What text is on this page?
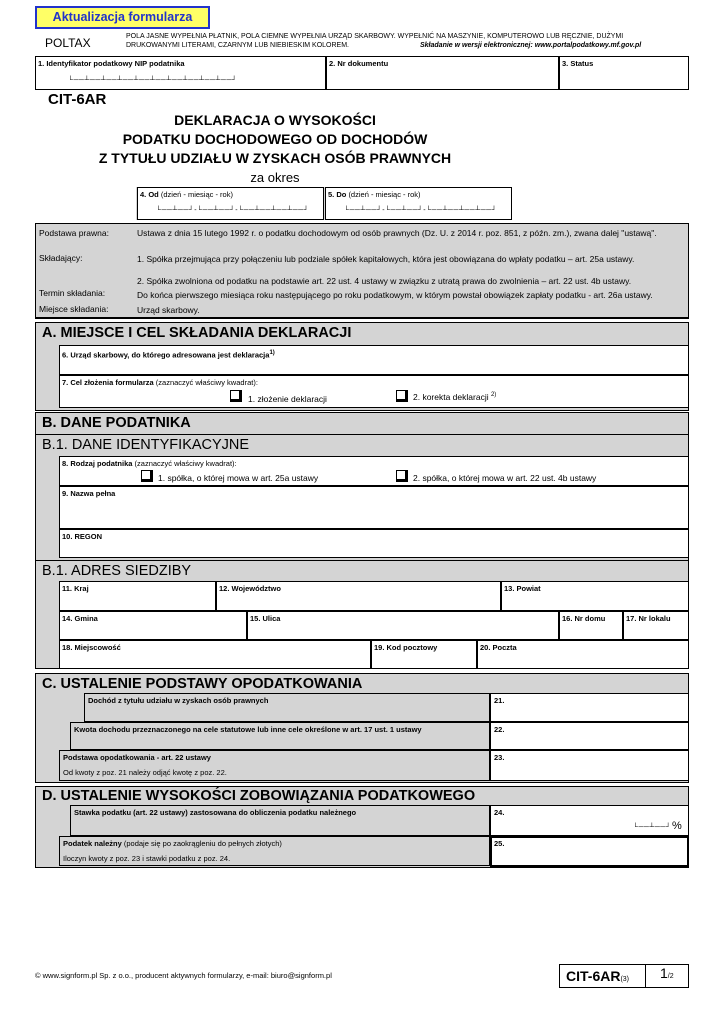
Aktualizacja formularza
POLTAX	POLA JASNE WYPEŁNIA PŁATNIK, POLA CIEMNE WYPEŁNIA URZĄD SKARBOWY. WYPEŁNIĆ NA MASZYNIE, KOMPUTEROWO LUB RĘCZNIE, DUŻYMI
DRUKOWANYMI LITERAMI, CZARNYM LUB NIEBIESKIM KOLOREM.	Składanie w wersji elektronicznej: www.portalpodatkowy.mf.gov.pl
1. Identyfikator podatkowy NIP podatnika
└──┴──┴──┴──┴──┴──┴──┴──┴──┴──┘
2. Nr dokumentu	3. Status
CIT-6AR
DEKLARACJA O WYSOKOŚCI
PODATKU DOCHODOWEGO OD DOCHODÓW
Z TYTUŁU UDZIAŁU W ZYSKACH OSÓB PRAWNYCH
za okres
4. Od (dzień - miesiąc - rok)
└──┴──┘-└──┴──┘-└──┴──┴──┴──┘
5. Do (dzień - miesiąc - rok)
└──┴──┘-└──┴──┘-└──┴──┴──┴──┘
Podstawa prawna:	Ustawa z dnia 15 lutego 1992 r. o podatku dochodowym od osób prawnych (Dz. U. z 2014 r. poz. 851, z późn. zm.), zwana dalej "ustawą".
Składający:	1. Spółka przejmująca przy połączeniu lub podziale spółek kapitałowych, która jest obowiązana do wpłaty podatku – art. 25a ustawy.
2. Spółka zwolniona od podatku na podstawie art. 22 ust. 4 ustawy w związku z utratą prawa do zwolnienia – art. 22 ust. 4b ustawy.
Termin składania:	Do końca pierwszego miesiąca roku następującego po roku podatkowym, w którym powstał obowiązek zapłaty podatku - art. 26a ustawy.
Miejsce składania:	Urząd skarbowy.
A. MIEJSCE I CEL SKŁADANIA DEKLARACJI
6. Urząd skarbowy, do którego adresowana jest deklaracja$^{1)}$
7. Cel złożenia formularza (zaznaczyć właściwy kwadrat):
1. złożenie deklaracji	2. korekta deklaracji $^{2)}$
B. DANE PODATNIKA
B.1. DANE IDENTYFIKACYJNE
8. Rodzaj podatnika (zaznaczyć właściwy kwadrat):
1. spółka, o której mowa w art. 25a ustawy	2. spółka, o której mowa w art. 22 ust. 4b ustawy
9. Nazwa pełna
10. REGON
B.1. ADRES SIEDZIBY
11. Kraj	12. Województwo	13. Powiat
14. Gmina	15. Ulica	16. Nr domu	17. Nr lokalu
18. Miejscowość	19. Kod pocztowy	20. Poczta
C. USTALENIE PODSTAWY OPODATKOWANIA
Dochód z tytułu udziału w zyskach osób prawnych	21.
Kwota dochodu przeznaczonego na cele statutowe lub inne cele określone w art. 17 ust. 1 ustawy	22.
Podstawa opodatkowania - art. 22 ustawy
Od kwoty z poz. 21 należy odjąć kwotę z poz. 22.
23.
D. USTALENIE WYSOKOŚCI ZOBOWIĄZANIA PODATKOWEGO
Stawka podatku (art. 22 ustawy) zastosowana do obliczenia podatku należnego	24.
└──┴──┘ %
Podatek należny (podaje się po zaokrągleniu do pełnych złotych)
Iloczyn kwoty z poz. 23 i stawki podatku z poz. 24.
25.
© www.signform.pl Sp. z o.o., producent aktywnych formularzy, e-mail: biuro@signform.pl	CIT-6AR(3) 1/2
